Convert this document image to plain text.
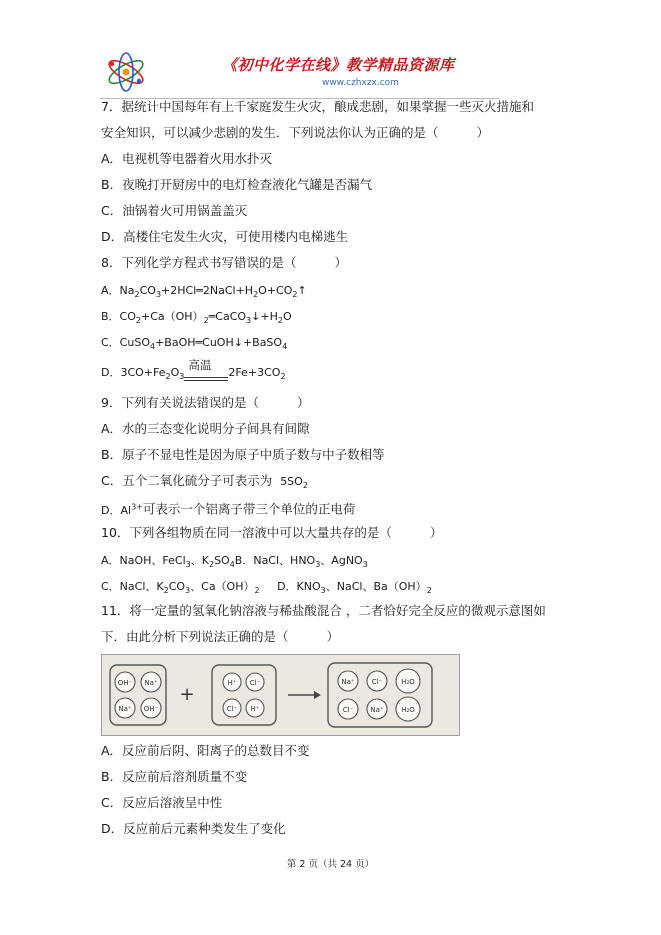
《初中化学在线》教学精品资源库
www.czhxzx.com
7．据统计中国每年有上千家庭发生火灾，酿成悲剧，如果掌握一些灭火措施和
安全知识，可以减少悲剧的发生．下列说法你认为正确的是（	）
A．电视机等电器着火用水扑灭
B．夜晚打开厨房中的电灯检查液化气罐是否漏气
C．油锅着火可用锅盖盖灭
D．高楼住宅发生火灾，可使用楼内电梯逃生
8．下列化学方程式书写错误的是（	）
A．$Na_2CO_3+2HCl═2NaCl+H_2O+CO_2↑$
B．$CO_2+Ca(OH)_2═CaCO_3↓+H_2O$
C．CuSO$_4$+BaOH═CuOH↓+BaSO$_4$
D．$3CO+Fe_2O_3$
高温
$2Fe+3CO_2$
9．下列有关说法错误的是（	）
A．水的三态变化说明分子间具有间隙
B．原子不显电性是因为原子中质子数与中子数相等
C．五个二氧化硫分子可表示为 $5SO_2$
D．$Al^{3+}$可表示一个铝离子带三个单位的正电荷
10．下列各组物质在同一溶液中可以大量共存的是（	）
A．NaOH、FeCl$_3$、$K_2SO_4B$．NaCl、$HNO_3$、AgNO$_3$
C．NaCl、$K_2CO_3$、$Ca(OH)_2$     D．$KNO_3$、NaCl、$Ba(OH)_2$
11．将一定量的氢氧化钠溶液与稀盐酸混合 ，二者恰好完全反应的微观示意图如
下．由此分析下列说法正确的是（	）
OH⁻ Na⁺
Na⁺ OH⁻
+
H⁺ Cl⁻
Cl⁻ H⁺
Na⁺ Cl⁻	H₂O
Cl⁻ Na⁺	H₂O
A．反应前后阴、阳离子的总数目不变
B．反应前后溶剂质量不变
C．反应后溶液呈中性
D．反应前后元素种类发生了变化
第 2 页（共 24 页）
